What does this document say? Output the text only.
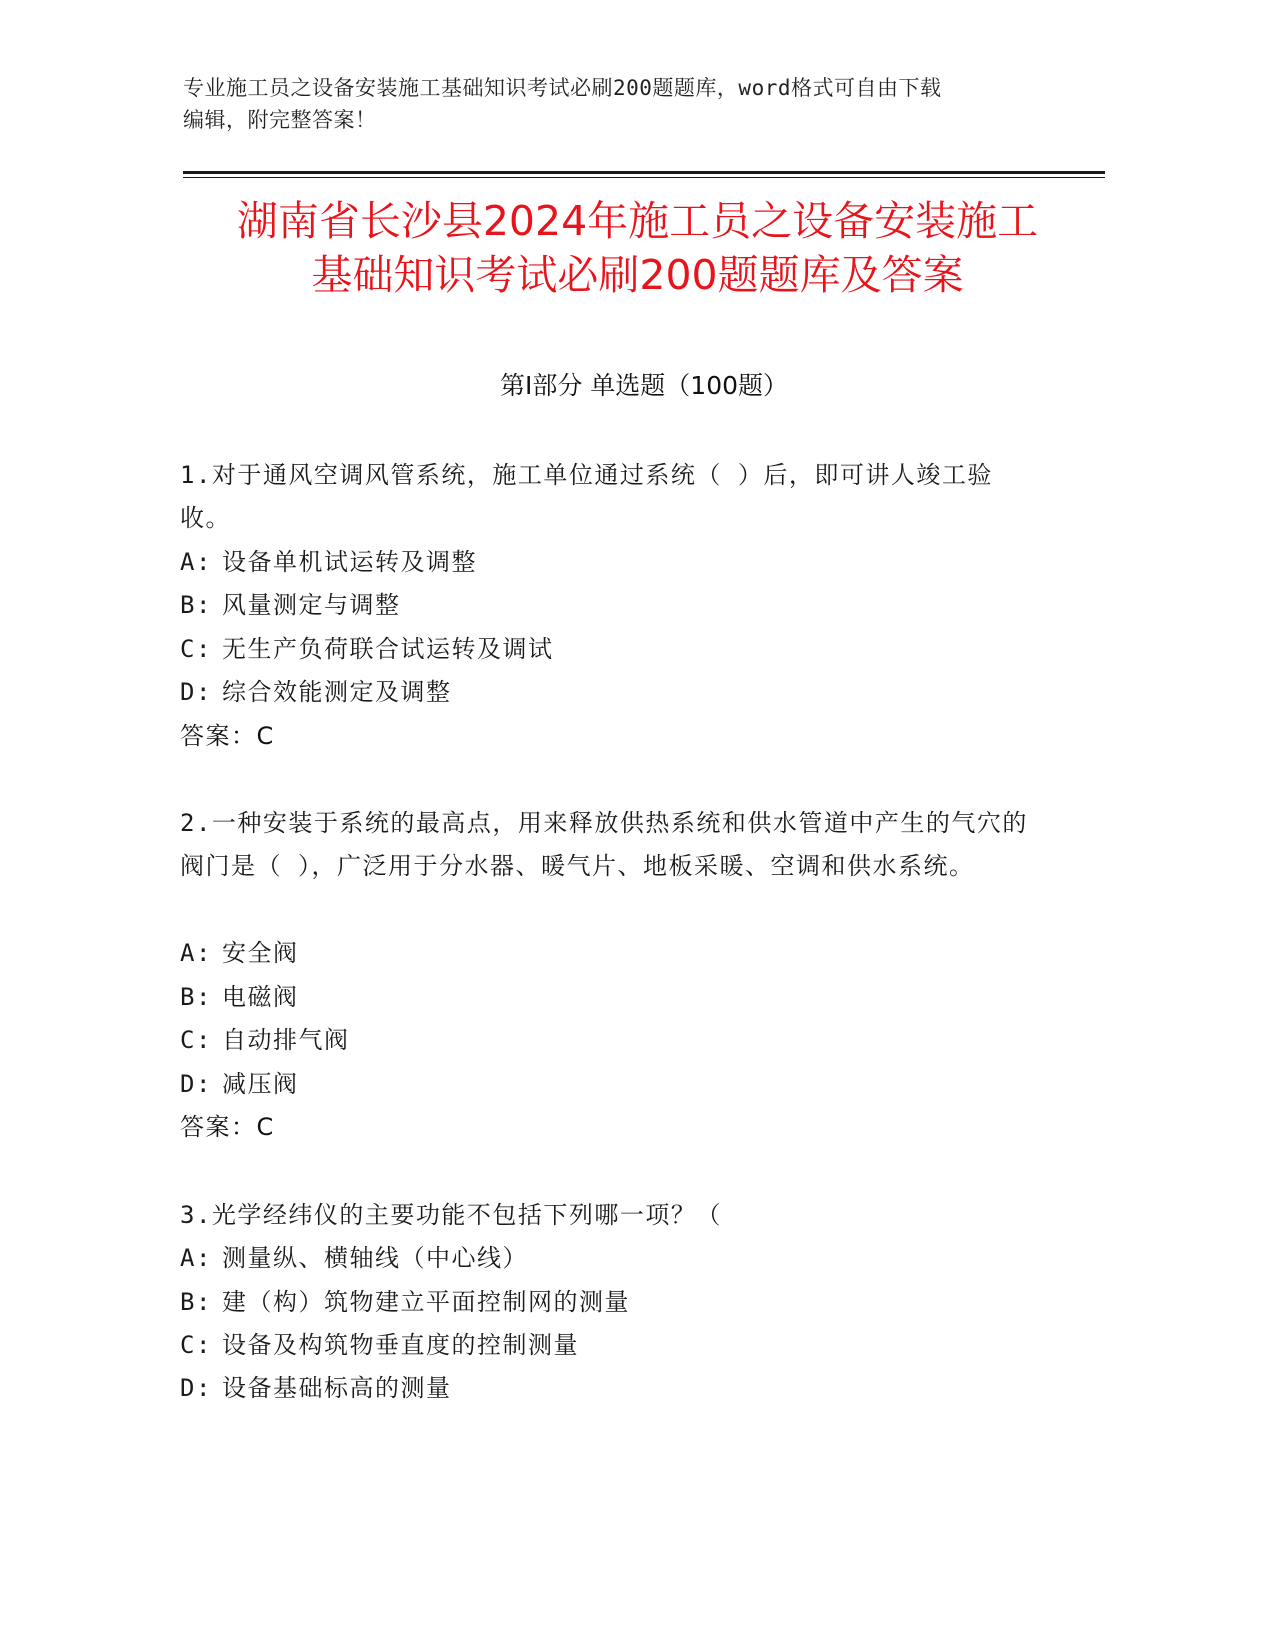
专业施工员之设备安装施工基础知识考试必刷200题题库，word格式可自由下载
编辑，附完整答案！
湖南省长沙县2024年施工员之设备安装施工
基础知识考试必刷200题题库及答案
第Ⅰ部分 单选题（100题）
1.对于通风空调风管系统，施工单位通过系统（ ）后，即可讲人竣工验收。
A: 设备单机试运转及调整
B: 风量测定与调整
C: 无生产负荷联合试运转及调试
D: 综合效能测定及调整
答案：C
2.一种安装于系统的最高点，用来释放供热系统和供水管道中产生的气穴的阀门是（ ），广泛用于分水器、暖气片、地板采暖、空调和供水系统。
A: 安全阀
B: 电磁阀
C: 自动排气阀
D: 减压阀
答案：C
3.光学经纬仪的主要功能不包括下列哪一项？（
A: 测量纵、横轴线（中心线）
B: 建（构）筑物建立平面控制网的测量
C: 设备及构筑物垂直度的控制测量
D: 设备基础标高的测量
